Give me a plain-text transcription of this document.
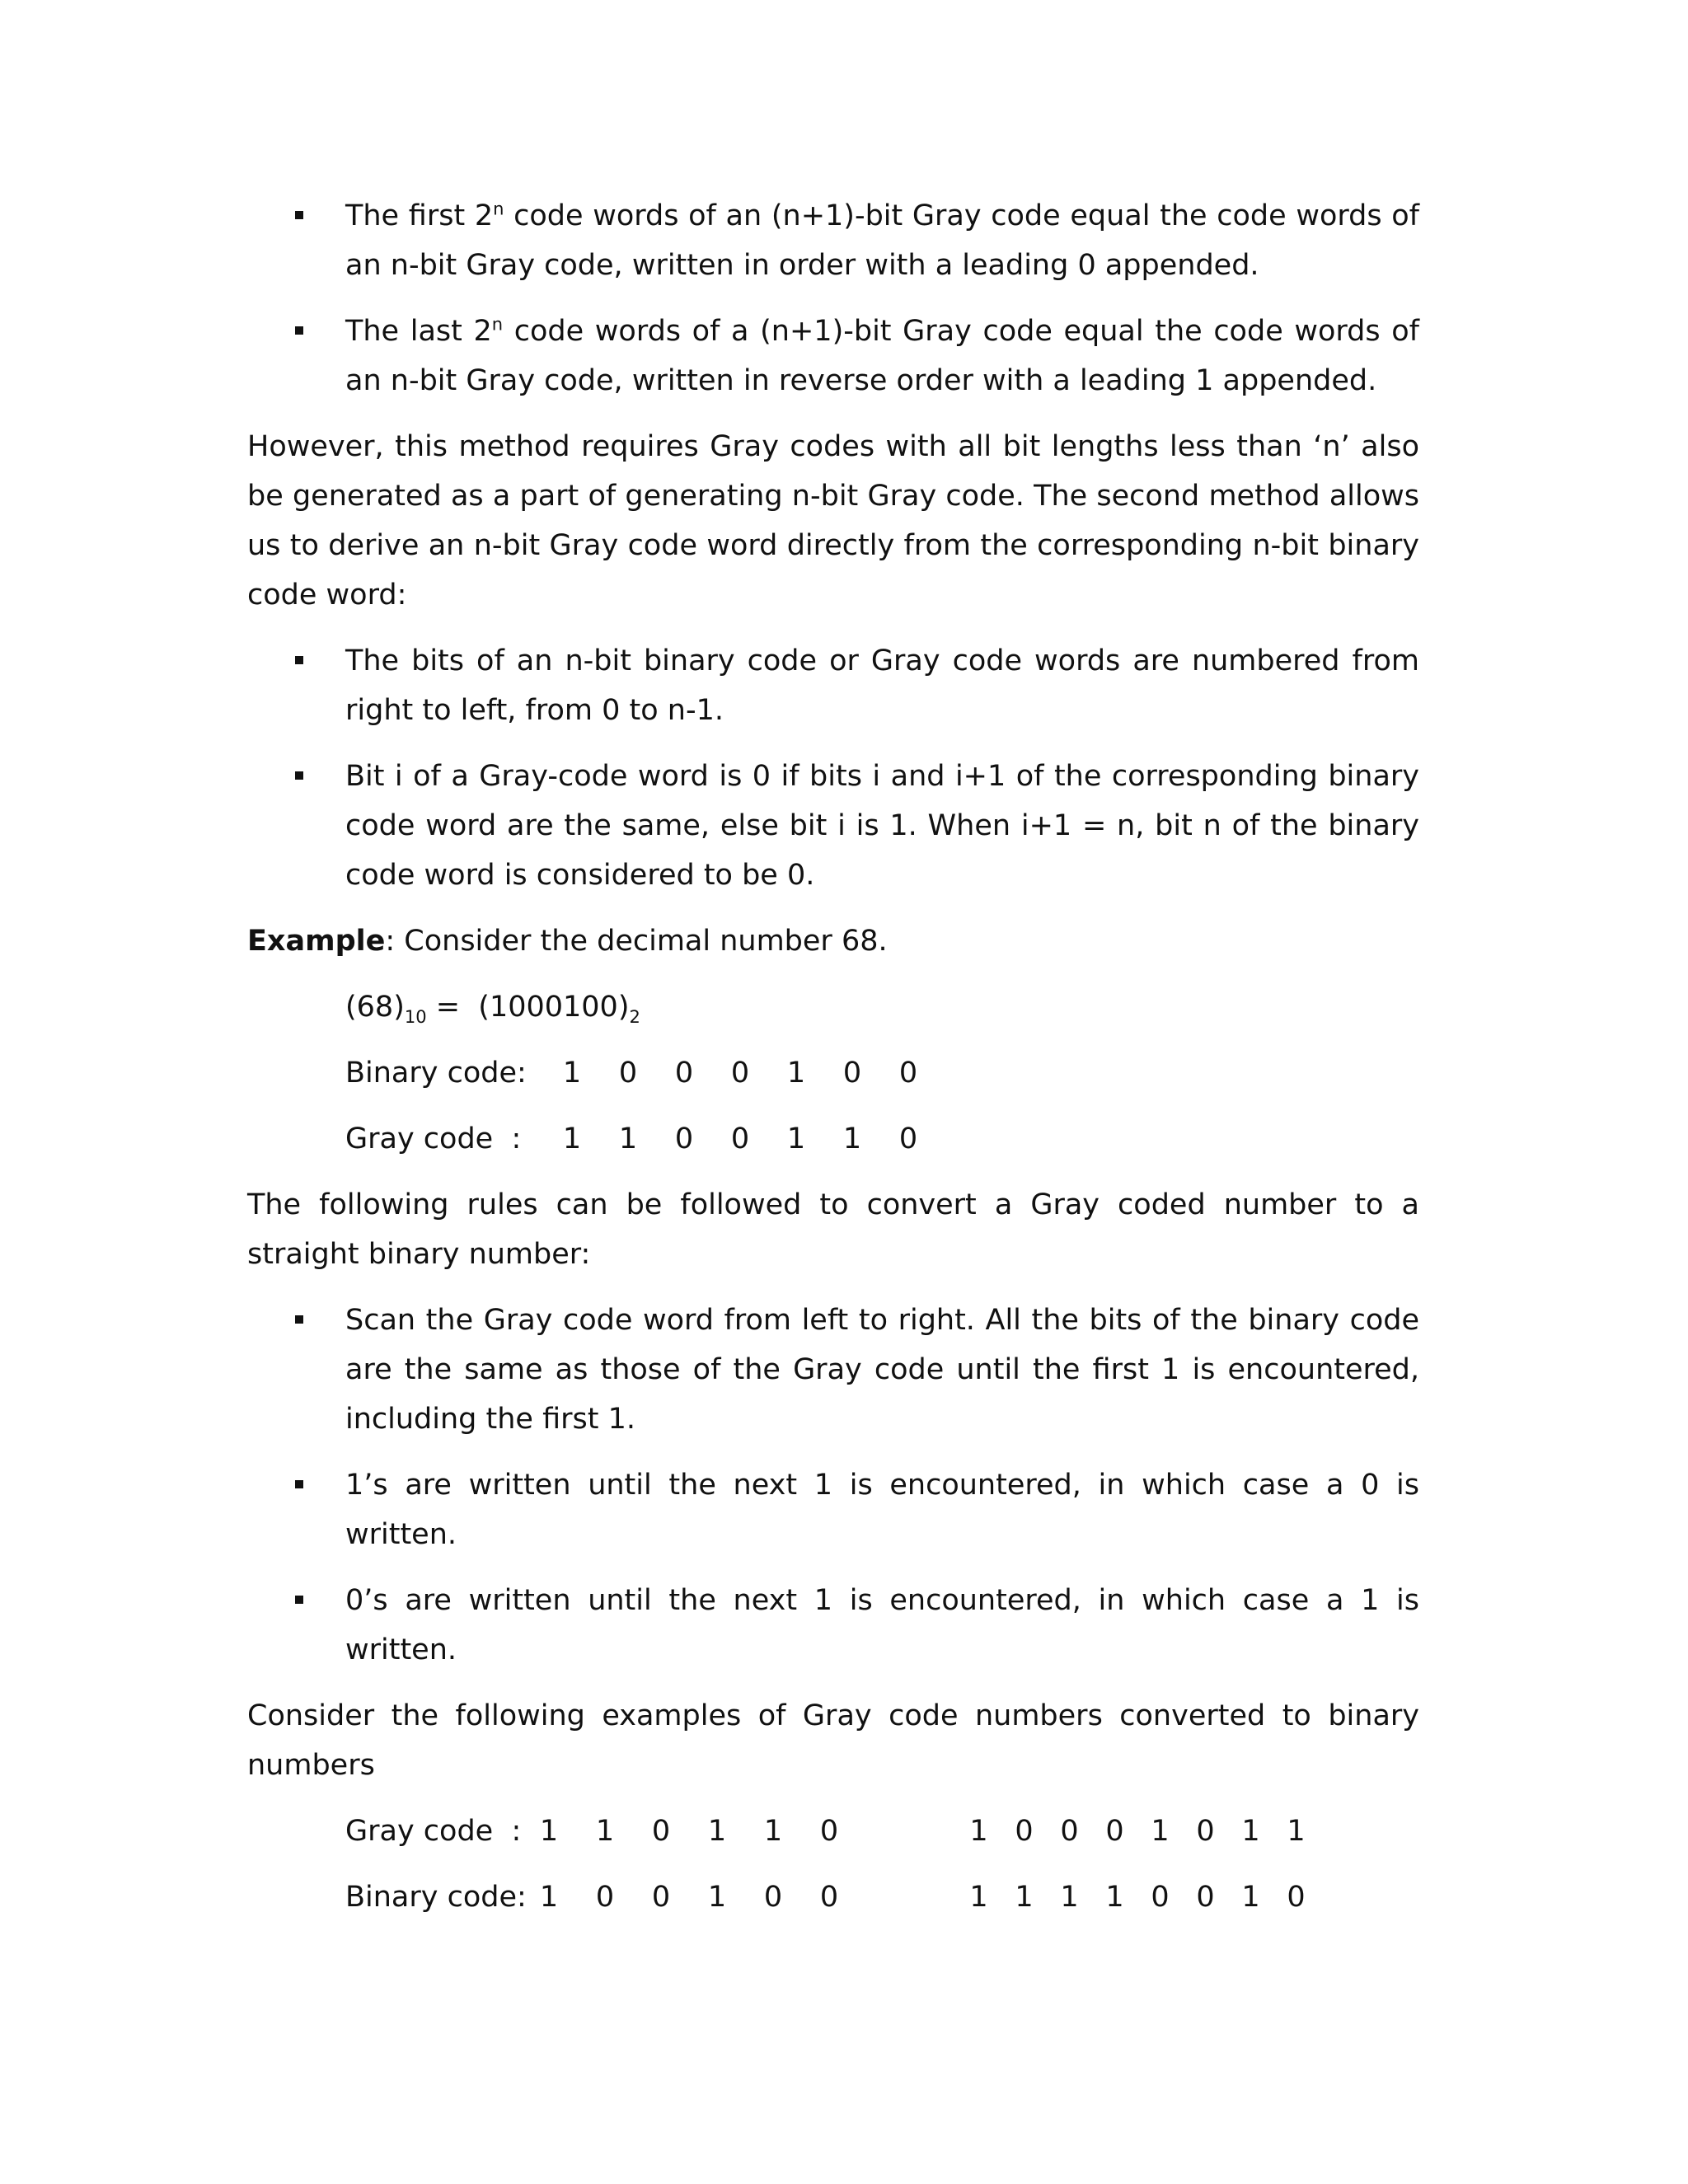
The first 2$^n$ code words of an (n+1)-bit Gray code equal the code words of an n-bit Gray code, written in order with a leading 0 appended.
The last 2$^n$ code words of a (n+1)-bit Gray code equal the code words of an n-bit Gray code, written in reverse order with a leading 1 appended.

However, this method requires Gray codes with all bit lengths less than ‘n’ also be generated as a part of generating n-bit Gray code. The second method allows us to derive an n-bit Gray code word directly from the corresponding n-bit binary code word:

The bits of an n-bit binary code or Gray code words are numbered from right to left, from 0 to n-1.
Bit i of a Gray-code word is 0 if bits i and i+1 of the corresponding binary code word are the same, else bit i is 1. When i+1 = n, bit n of the binary code word is considered to be 0.

Example: Consider the decimal number 68.

$(68)_{10} = (1000100)_2$
Binary code: 1 0 0 0 1 0 0
Gray code  : 1 1 0 0 1 1 0

The following rules can be followed to convert a Gray coded number to a straight binary number:

Scan the Gray code word from left to right. All the bits of the binary code are the same as those of the Gray code until the first 1 is encountered, including the first 1.
1’s are written until the next 1 is encountered, in which case a 0 is written.
0’s are written until the next 1 is encountered, in which case a 1 is written.

Consider the following examples of Gray code numbers converted to binary numbers

Gray code  : 1 1 0 1 1 0	1 0 0 0 1 0 1 1
Binary code: 1 0 0 1 0 0	1 1 1 1 0 0 1 0
